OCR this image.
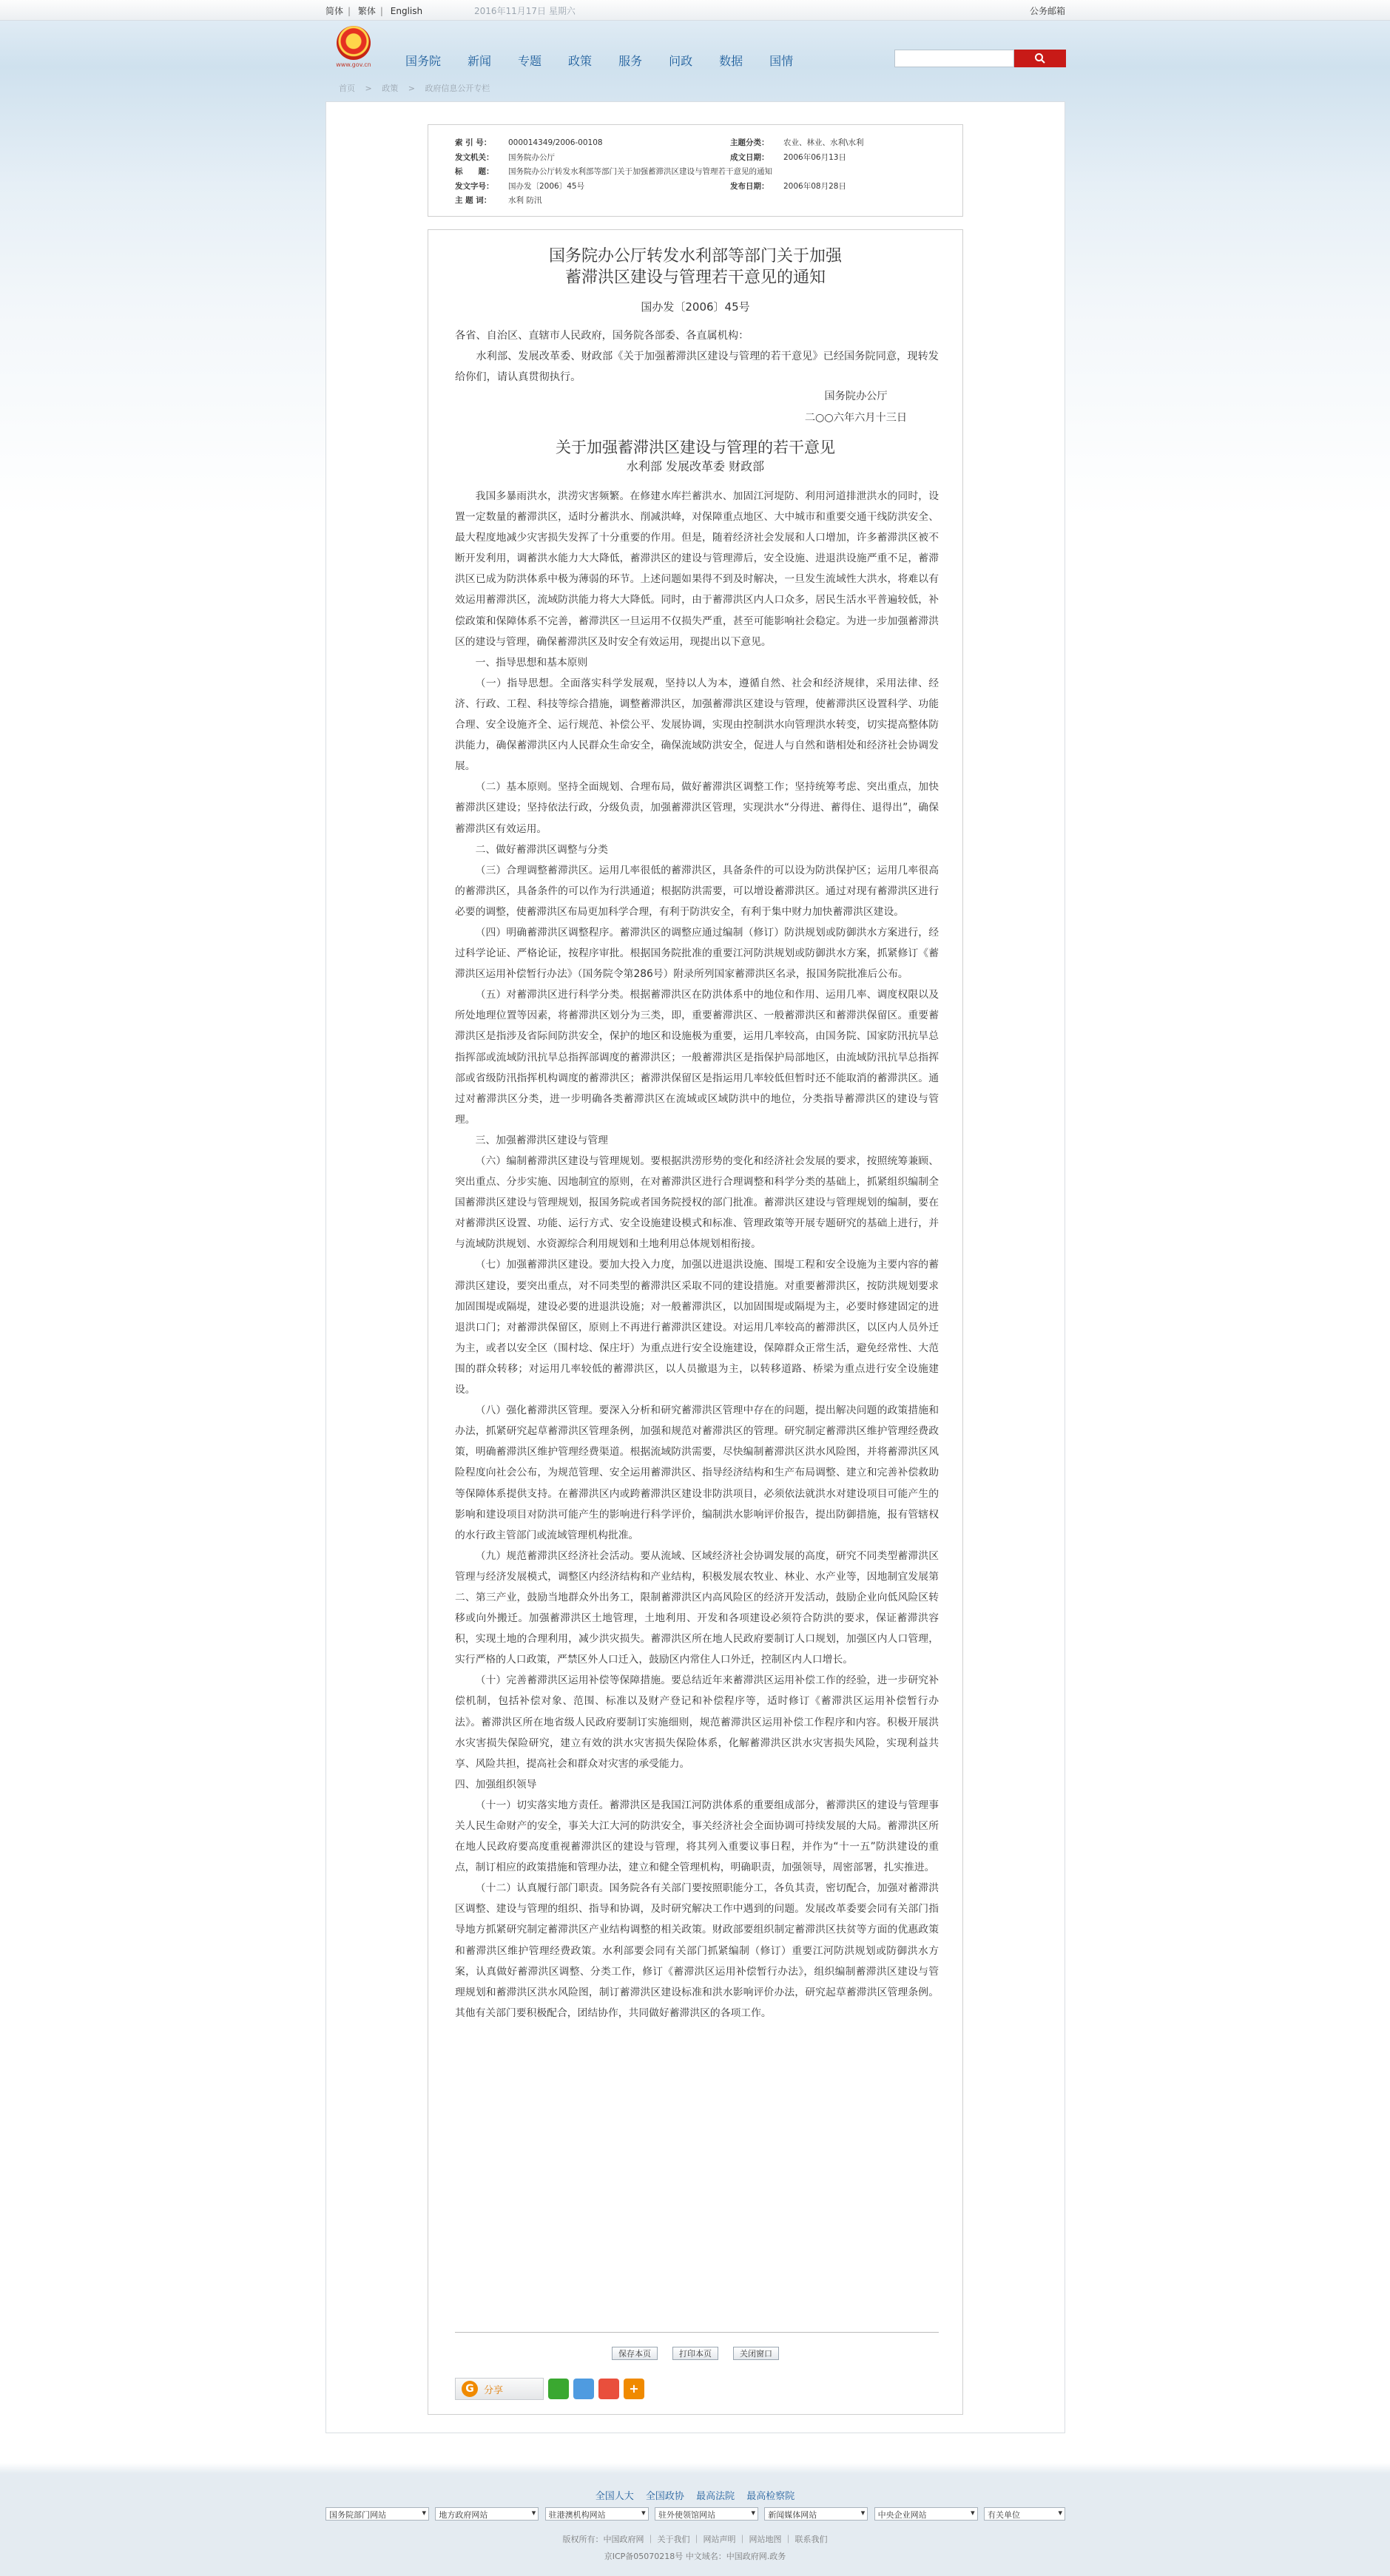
简体 | 繁体 | English	2016年11月17日 星期六	公务邮箱
www.gov.cn	国务院 新闻 专题 政策 服务 问政 数据 国情
首页 > 政策 > 政府信息公开专栏
索 引 号：	000014349/2006-00108	主题分类：	农业、林业、水利\水利
发文机关：	国务院办公厅	成文日期：	2006年06月13日
标　　题：	国务院办公厅转发水利部等部门关于加强蓄滞洪区建设与管理若干意见的通知		
发文字号：	国办发〔2006〕45号	发布日期：	2006年08月28日
主 题 词：	水利 防汛		
国务院办公厅转发水利部等部门关于加强
蓄滞洪区建设与管理若干意见的通知
国办发〔2006〕45号
各省、自治区、直辖市人民政府，国务院各部委、各直属机构：
水利部、发展改革委、财政部《关于加强蓄滞洪区建设与管理的若干意见》已经国务院同意，现转发给你们，请认真贯彻执行。
国务院办公厅
二○○六年六月十三日
关于加强蓄滞洪区建设与管理的若干意见
水利部 发展改革委 财政部

我国多暴雨洪水，洪涝灾害频繁。在修建水库拦蓄洪水、加固江河堤防、利用河道排泄洪水的同时，设置一定数量的蓄滞洪区，适时分蓄洪水、削减洪峰，对保障重点地区、大中城市和重要交通干线防洪安全、最大程度地减少灾害损失发挥了十分重要的作用。但是，随着经济社会发展和人口增加，许多蓄滞洪区被不断开发利用，调蓄洪水能力大大降低，蓄滞洪区的建设与管理滞后，安全设施、进退洪设施严重不足，蓄滞洪区已成为防洪体系中极为薄弱的环节。上述问题如果得不到及时解决，一旦发生流域性大洪水，将难以有效运用蓄滞洪区，流域防洪能力将大大降低。同时，由于蓄滞洪区内人口众多，居民生活水平普遍较低，补偿政策和保障体系不完善，蓄滞洪区一旦运用不仅损失严重，甚至可能影响社会稳定。为进一步加强蓄滞洪区的建设与管理，确保蓄滞洪区及时安全有效运用，现提出以下意见。

一、指导思想和基本原则

（一）指导思想。全面落实科学发展观，坚持以人为本，遵循自然、社会和经济规律，采用法律、经济、行政、工程、科技等综合措施，调整蓄滞洪区，加强蓄滞洪区建设与管理，使蓄滞洪区设置科学、功能合理、安全设施齐全、运行规范、补偿公平、发展协调，实现由控制洪水向管理洪水转变，切实提高整体防洪能力，确保蓄滞洪区内人民群众生命安全，确保流域防洪安全，促进人与自然和谐相处和经济社会协调发展。

（二）基本原则。坚持全面规划、合理布局，做好蓄滞洪区调整工作；坚持统筹考虑、突出重点，加快蓄滞洪区建设；坚持依法行政，分级负责，加强蓄滞洪区管理，实现洪水“分得进、蓄得住、退得出”，确保蓄滞洪区有效运用。

二、做好蓄滞洪区调整与分类

（三）合理调整蓄滞洪区。运用几率很低的蓄滞洪区，具备条件的可以设为防洪保护区；运用几率很高的蓄滞洪区，具备条件的可以作为行洪通道；根据防洪需要，可以增设蓄滞洪区。通过对现有蓄滞洪区进行必要的调整，使蓄滞洪区布局更加科学合理，有利于防洪安全，有利于集中财力加快蓄滞洪区建设。

（四）明确蓄滞洪区调整程序。蓄滞洪区的调整应通过编制（修订）防洪规划或防御洪水方案进行，经过科学论证、严格论证，按程序审批。根据国务院批准的重要江河防洪规划或防御洪水方案，抓紧修订《蓄滞洪区运用补偿暂行办法》（国务院令第286号）附录所列国家蓄滞洪区名录，报国务院批准后公布。

（五）对蓄滞洪区进行科学分类。根据蓄滞洪区在防洪体系中的地位和作用、运用几率、调度权限以及所处地理位置等因素，将蓄滞洪区划分为三类，即，重要蓄滞洪区、一般蓄滞洪区和蓄滞洪保留区。重要蓄滞洪区是指涉及省际间防洪安全，保护的地区和设施极为重要，运用几率较高，由国务院、国家防汛抗旱总指挥部或流域防汛抗旱总指挥部调度的蓄滞洪区；一般蓄滞洪区是指保护局部地区，由流域防汛抗旱总指挥部或省级防汛指挥机构调度的蓄滞洪区；蓄滞洪保留区是指运用几率较低但暂时还不能取消的蓄滞洪区。通过对蓄滞洪区分类，进一步明确各类蓄滞洪区在流域或区域防洪中的地位，分类指导蓄滞洪区的建设与管理。

三、加强蓄滞洪区建设与管理

（六）编制蓄滞洪区建设与管理规划。要根据洪涝形势的变化和经济社会发展的要求，按照统筹兼顾、突出重点、分步实施、因地制宜的原则，在对蓄滞洪区进行合理调整和科学分类的基础上，抓紧组织编制全国蓄滞洪区建设与管理规划，报国务院或者国务院授权的部门批准。蓄滞洪区建设与管理规划的编制，要在对蓄滞洪区设置、功能、运行方式、安全设施建设模式和标准、管理政策等开展专题研究的基础上进行，并与流域防洪规划、水资源综合利用规划和土地利用总体规划相衔接。

（七）加强蓄滞洪区建设。要加大投入力度，加强以进退洪设施、围堤工程和安全设施为主要内容的蓄滞洪区建设，要突出重点，对不同类型的蓄滞洪区采取不同的建设措施。对重要蓄滞洪区，按防洪规划要求加固围堤或隔堤，建设必要的进退洪设施；对一般蓄滞洪区，以加固围堤或隔堤为主，必要时修建固定的进退洪口门；对蓄滞洪保留区，原则上不再进行蓄滞洪区建设。对运用几率较高的蓄滞洪区，以区内人员外迁为主，或者以安全区（围村埝、保庄圩）为重点进行安全设施建设，保障群众正常生活，避免经常性、大范围的群众转移；对运用几率较低的蓄滞洪区，以人员撤退为主，以转移道路、桥梁为重点进行安全设施建设。

（八）强化蓄滞洪区管理。要深入分析和研究蓄滞洪区管理中存在的问题，提出解决问题的政策措施和办法，抓紧研究起草蓄滞洪区管理条例，加强和规范对蓄滞洪区的管理。研究制定蓄滞洪区维护管理经费政策，明确蓄滞洪区维护管理经费渠道。根据流域防洪需要，尽快编制蓄滞洪区洪水风险图，并将蓄滞洪区风险程度向社会公布，为规范管理、安全运用蓄滞洪区、指导经济结构和生产布局调整、建立和完善补偿救助等保障体系提供支持。在蓄滞洪区内或跨蓄滞洪区建设非防洪项目，必须依法就洪水对建设项目可能产生的影响和建设项目对防洪可能产生的影响进行科学评价，编制洪水影响评价报告，提出防御措施，报有管辖权的水行政主管部门或流域管理机构批准。

（九）规范蓄滞洪区经济社会活动。要从流域、区域经济社会协调发展的高度，研究不同类型蓄滞洪区管理与经济发展模式，调整区内经济结构和产业结构，积极发展农牧业、林业、水产业等，因地制宜发展第二、第三产业，鼓励当地群众外出务工，限制蓄滞洪区内高风险区的经济开发活动，鼓励企业向低风险区转移或向外搬迁。加强蓄滞洪区土地管理，土地利用、开发和各项建设必须符合防洪的要求，保证蓄滞洪容积，实现土地的合理利用，减少洪灾损失。蓄滞洪区所在地人民政府要制订人口规划，加强区内人口管理，实行严格的人口政策，严禁区外人口迁入，鼓励区内常住人口外迁，控制区内人口增长。

（十）完善蓄滞洪区运用补偿等保障措施。要总结近年来蓄滞洪区运用补偿工作的经验，进一步研究补偿机制，包括补偿对象、范围、标准以及财产登记和补偿程序等，适时修订《蓄滞洪区运用补偿暂行办法》。蓄滞洪区所在地省级人民政府要制订实施细则，规范蓄滞洪区运用补偿工作程序和内容。积极开展洪水灾害损失保险研究，建立有效的洪水灾害损失保险体系，化解蓄滞洪区洪水灾害损失风险，实现利益共享、风险共担，提高社会和群众对灾害的承受能力。

四、加强组织领导

（十一）切实落实地方责任。蓄滞洪区是我国江河防洪体系的重要组成部分，蓄滞洪区的建设与管理事关人民生命财产的安全，事关大江大河的防洪安全，事关经济社会全面协调可持续发展的大局。蓄滞洪区所在地人民政府要高度重视蓄滞洪区的建设与管理，将其列入重要议事日程，并作为“十一五”防洪建设的重点，制订相应的政策措施和管理办法，建立和健全管理机构，明确职责，加强领导，周密部署，扎实推进。

（十二）认真履行部门职责。国务院各有关部门要按照职能分工，各负其责，密切配合，加强对蓄滞洪区调整、建设与管理的组织、指导和协调，及时研究解决工作中遇到的问题。发展改革委要会同有关部门指导地方抓紧研究制定蓄滞洪区产业结构调整的相关政策。财政部要组织制定蓄滞洪区扶贫等方面的优惠政策和蓄滞洪区维护管理经费政策。水利部要会同有关部门抓紧编制（修订）重要江河防洪规划或防御洪水方案，认真做好蓄滞洪区调整、分类工作，修订《蓄滞洪区运用补偿暂行办法》，组织编制蓄滞洪区建设与管理规划和蓄滞洪区洪水风险图，制订蓄滞洪区建设标准和洪水影响评价办法，研究起草蓄滞洪区管理条例。其他有关部门要积极配合，团结协作，共同做好蓄滞洪区的各项工作。

保存本页	打印本页	关闭窗口
G	分享	+
全国人大 全国政协 最高法院 最高检察院
国务院部门网站 ▾	地方政府网站 ▾	驻港澳机构网站 ▾	驻外使领馆网站 ▾	新闻媒体网站 ▾	中央企业网站 ▾	有关单位 ▾
版权所有：中国政府网 ｜ 关于我们 ｜ 网站声明 ｜ 网站地图 ｜ 联系我们
京ICP备05070218号 中文域名：中国政府网.政务
